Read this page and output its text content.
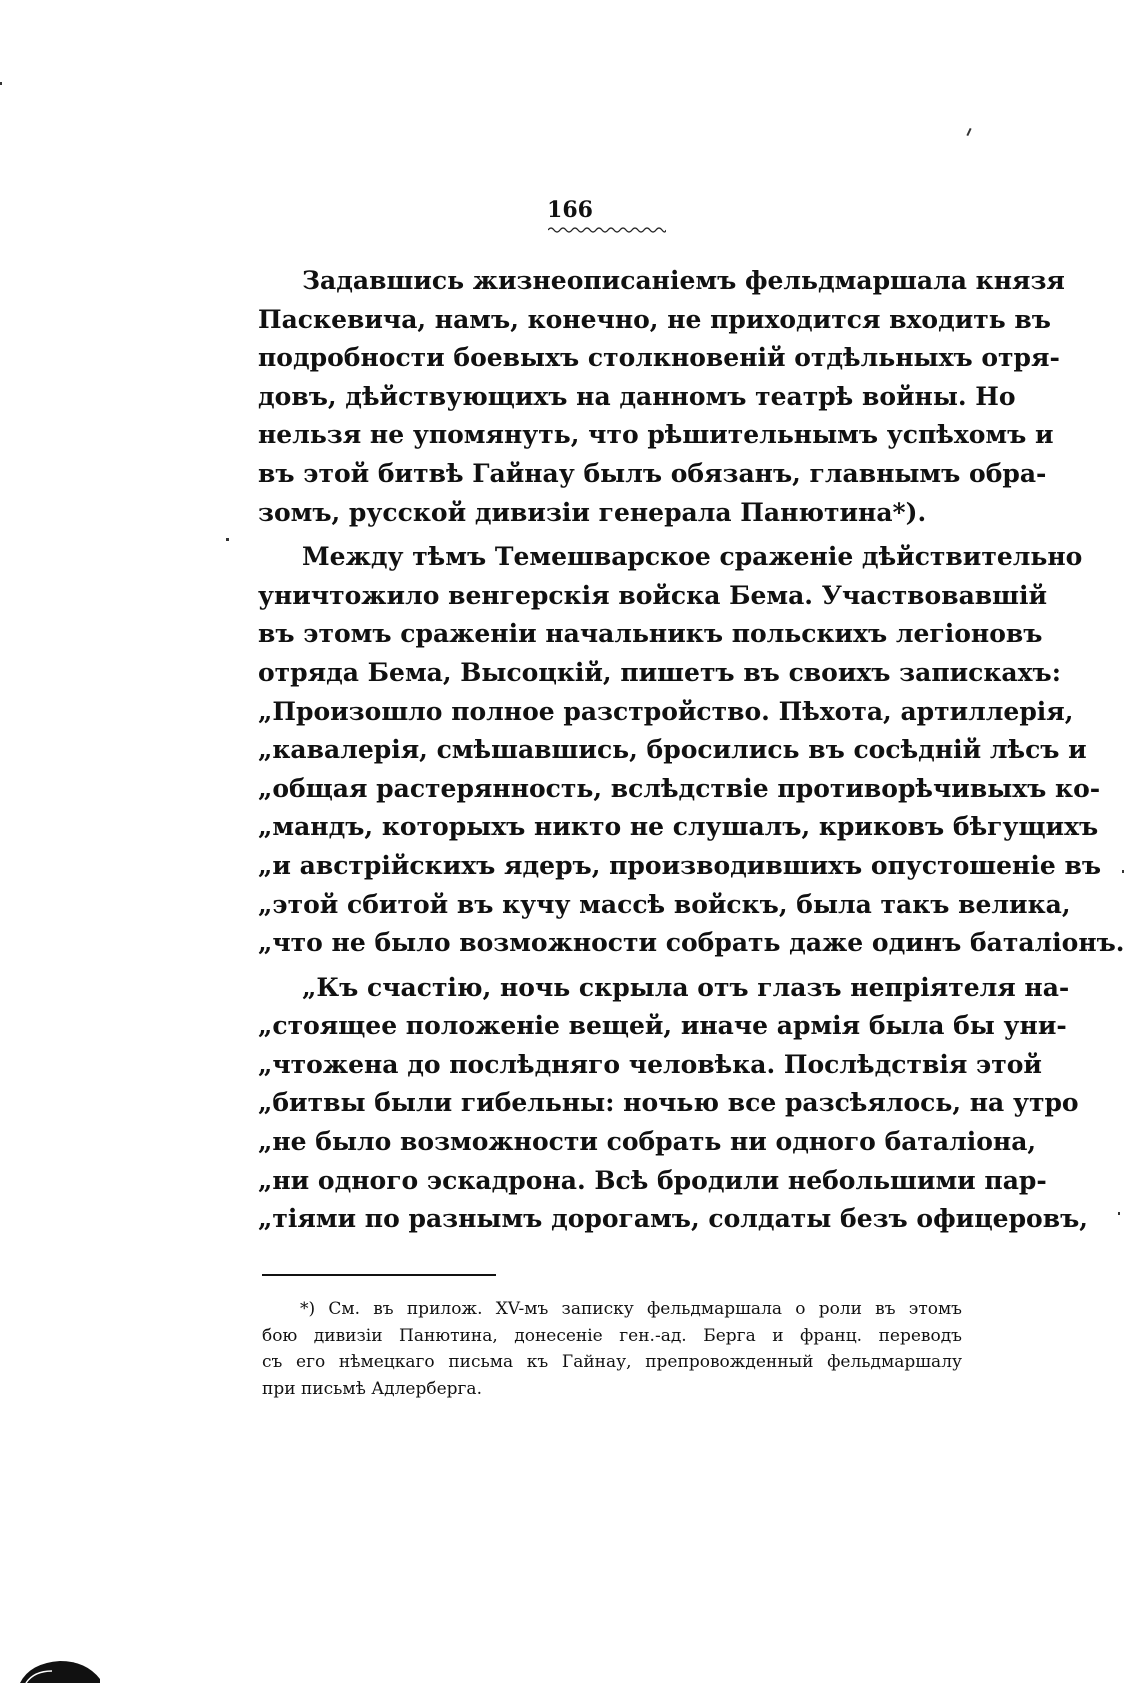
166
Задавшись жизнеописаніемъ фельдмаршала князя
Паскевича, намъ, конечно, не приходится входить въ
подробности боевыхъ столкновеній отдѣльныхъ отря-
довъ, дѣйствующихъ на данномъ театрѣ войны. Но
нельзя не упомянуть, что рѣшительнымъ успѣхомъ и
въ этой битвѣ Гайнау былъ обязанъ, главнымъ обра-
зомъ, русской дивизіи генерала Панютина*).
Между тѣмъ Темешварское сраженіе дѣйствительно
уничтожило венгерскія войска Бема. Участвовавшій
въ этомъ сраженіи начальникъ польскихъ легіоновъ
отряда Бема, Высоцкій, пишетъ въ своихъ запискахъ:
„Произошло полное разстройство. Пѣхота, артиллерія,
„кавалерія, смѣшавшись, бросились въ сосѣдній лѣсъ и
„общая растерянность, вслѣдствіе противорѣчивыхъ ко-
„мандъ, которыхъ никто не слушалъ, криковъ бѣгущихъ
„и австрійскихъ ядеръ, производившихъ опустошеніе въ
„этой сбитой въ кучу массѣ войскъ, была такъ велика,
„что не было возможности собрать даже одинъ баталіонъ.
„Къ счастію, ночь скрыла отъ глазъ непріятеля на-
„стоящее положеніе вещей, иначе армія была бы уни-
„чтожена до послѣдняго человѣка. Послѣдствія этой
„битвы были гибельны: ночью все разсѣялось, на утро
„не было возможности собрать ни одного баталіона,
„ни одного эскадрона. Всѣ бродили небольшими пар-
„тіями по разнымъ дорогамъ, солдаты безъ офицеровъ,
*) См. въ прилож. XV-мъ записку фельдмаршала о роли въ этомъ
бою дивизіи Панютина, донесеніе ген.-ад. Берга и франц. переводъ
съ его нѣмецкаго письма къ Гайнау, препровожденный фельдмаршалу
при письмѣ Адлерберга.
